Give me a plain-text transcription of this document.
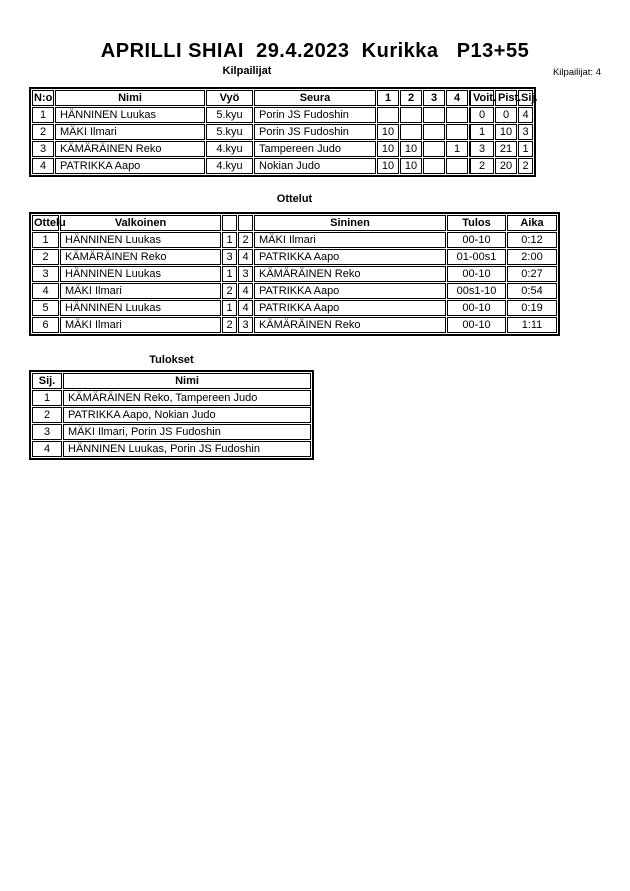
APRILLI SHIAI  29.4.2023  Kurikka   P13+55
Kilpailijat	Kilpailijat: 4
N:o	Nimi	Vyö	Seura	1	2	3	4	Voit.	Pist.	Sij.
1	HÄNNINEN Luukas	5.kyu	Porin JS Fudoshin					0	0	4
2	MÄKI Ilmari	5.kyu	Porin JS Fudoshin	10				1	10	3
3	KÄMÄRÄINEN Reko	4.kyu	Tampereen Judo	10	10		1	3	21	1
4	PATRIKKA Aapo	4.kyu	Nokian Judo	10	10			2	20	2
Ottelut
Ottelu	Valkoinen			Sininen	Tulos	Aika
1	HÄNNINEN Luukas	1	2	MÄKI Ilmari	00-10	0:12
2	KÄMÄRÄINEN Reko	3	4	PATRIKKA Aapo	01-00s1	2:00
3	HÄNNINEN Luukas	1	3	KÄMÄRÄINEN Reko	00-10	0:27
4	MÄKI Ilmari	2	4	PATRIKKA Aapo	00s1-10	0:54
5	HÄNNINEN Luukas	1	4	PATRIKKA Aapo	00-10	0:19
6	MÄKI Ilmari	2	3	KÄMÄRÄINEN Reko	00-10	1:11
Tulokset
Sij.	Nimi
1	KÄMÄRÄINEN Reko, Tampereen Judo
2	PATRIKKA Aapo, Nokian Judo
3	MÄKI Ilmari, Porin JS Fudoshin
4	HÄNNINEN Luukas, Porin JS Fudoshin
